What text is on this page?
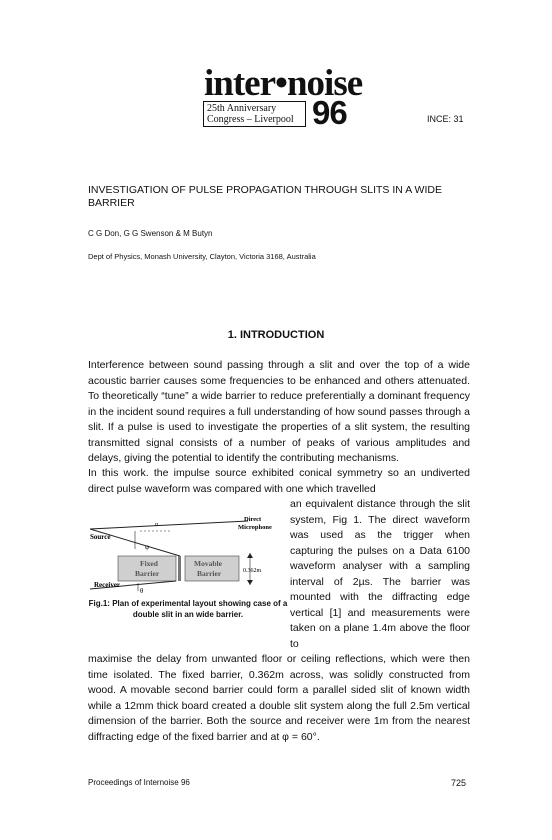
inter•noise
25th Anniversary
Congress – Liverpool 96	INCE: 31
INVESTIGATION OF PULSE PROPAGATION THROUGH SLITS IN A WIDE BARRIER
C G Don, G G Swenson & M Butyn
Dept of Physics, Monash University, Clayton, Victoria 3168, Australia
1. INTRODUCTION
Interference between sound passing through a slit and over the top of a wide acoustic barrier causes some frequencies to be enhanced and others attenuated. To theoretically “tune” a wide barrier to reduce preferentially a dominant frequency in the incident sound requires a full understanding of how sound passes through a slit. If a pulse is used to investigate the properties of a slit system, the resulting transmitted signal consists of a number of peaks of various amplitudes and delays, giving the potential to identify the contributing mechanisms.
In this work. the impulse source exhibited conical symmetry so an undiverted direct pulse waveform was compared with one which travelled
an equivalent distance through the slit system, Fig 1. The direct waveform was used as the trigger when capturing the pulses on a Data 6100 waveform analyser with a sampling interval of 2µs. The barrier was mounted with the diffracting edge vertical [1] and measurements were taken on a plane 1.4m above the floor to
maximise the delay from unwanted floor or ceiling reflections, which were then time isolated. The fixed barrier, 0.362m across, was solidly constructed from wood. A movable second barrier could form a parallel sided slit of known width while a 12mm thick board created a double slit system along the full 2.5m vertical dimension of the barrier. Both the source and receiver were 1m from the nearest diffracting edge of the fixed barrier and at φ = 60°.
Source
α
φ
Direct
Microphone
Fixed
Barrier
Movable
Barrier	0.362m
θ
Receiver
Fig.1: Plan of experimental layout showing case of a double slit in an wide barrier.
Proceedings of Internoise 96	725
